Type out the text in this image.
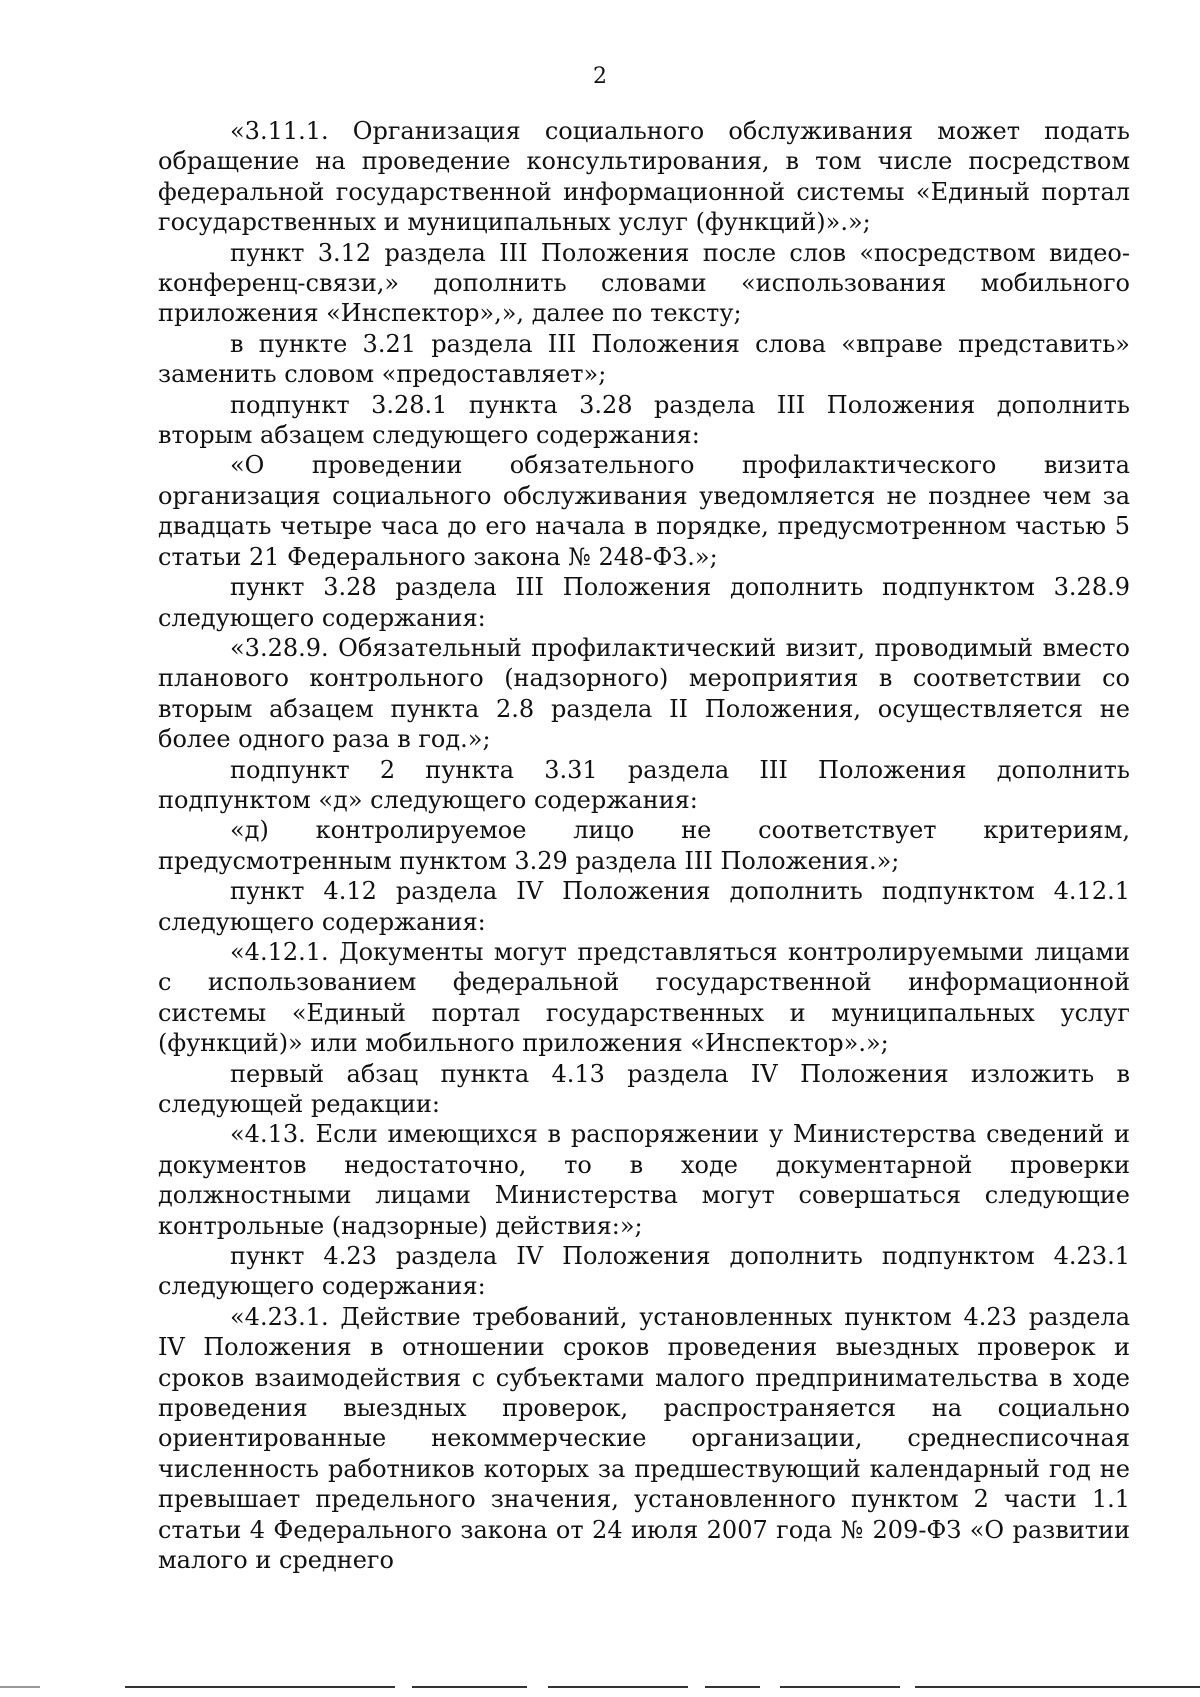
2

«3.11.1. Организация социального обслуживания может подать обращение на проведение консультирования, в том числе посредством федеральной государственной информационной системы «Единый портал государственных и муниципальных услуг (функций)».»;

пункт 3.12 раздела III Положения после слов «посредством видео-конференц-связи,» дополнить словами «использования мобильного приложения «Инспектор»,», далее по тексту;

в пункте 3.21 раздела III Положения слова «вправе представить» заменить словом «предоставляет»;

подпункт 3.28.1 пункта 3.28 раздела III Положения дополнить вторым абзацем следующего содержания:

«О проведении обязательного профилактического визита организация социального обслуживания уведомляется не позднее чем за двадцать четыре часа до его начала в порядке, предусмотренном частью 5 статьи 21 Федерального закона № 248-ФЗ.»;

пункт 3.28 раздела III Положения дополнить подпунктом 3.28.9 следующего содержания:

«3.28.9. Обязательный профилактический визит, проводимый вместо планового контрольного (надзорного) мероприятия в соответствии со вторым абзацем пункта 2.8 раздела II Положения, осуществляется не более одного раза в год.»;

подпункт 2 пункта 3.31 раздела III Положения дополнить подпунктом «д» следующего содержания:

«д) контролируемое лицо не соответствует критериям, предусмотренным пунктом 3.29 раздела III Положения.»;

пункт 4.12 раздела IV Положения дополнить подпунктом 4.12.1 следующего содержания:

«4.12.1. Документы могут представляться контролируемыми лицами с использованием федеральной государственной информационной системы «Единый портал государственных и муниципальных услуг (функций)» или мобильного приложения «Инспектор».»;

первый абзац пункта 4.13 раздела IV Положения изложить в следующей редакции:

«4.13. Если имеющихся в распоряжении у Министерства сведений и документов недостаточно, то в ходе документарной проверки должностными лицами Министерства могут совершаться следующие контрольные (надзорные) действия:»;

пункт 4.23 раздела IV Положения дополнить подпунктом 4.23.1 следующего содержания:

«4.23.1. Действие требований, установленных пунктом 4.23 раздела IV Положения в отношении сроков проведения выездных проверок и сроков взаимодействия с субъектами малого предпринимательства в ходе проведения выездных проверок, распространяется на социально ориентированные некоммерческие организации, среднесписочная численность работников которых за предшествующий календарный год не превышает предельного значения, установленного пунктом 2 части 1.1 статьи 4 Федерального закона от 24 июля 2007 года № 209-ФЗ «О развитии малого и среднего
